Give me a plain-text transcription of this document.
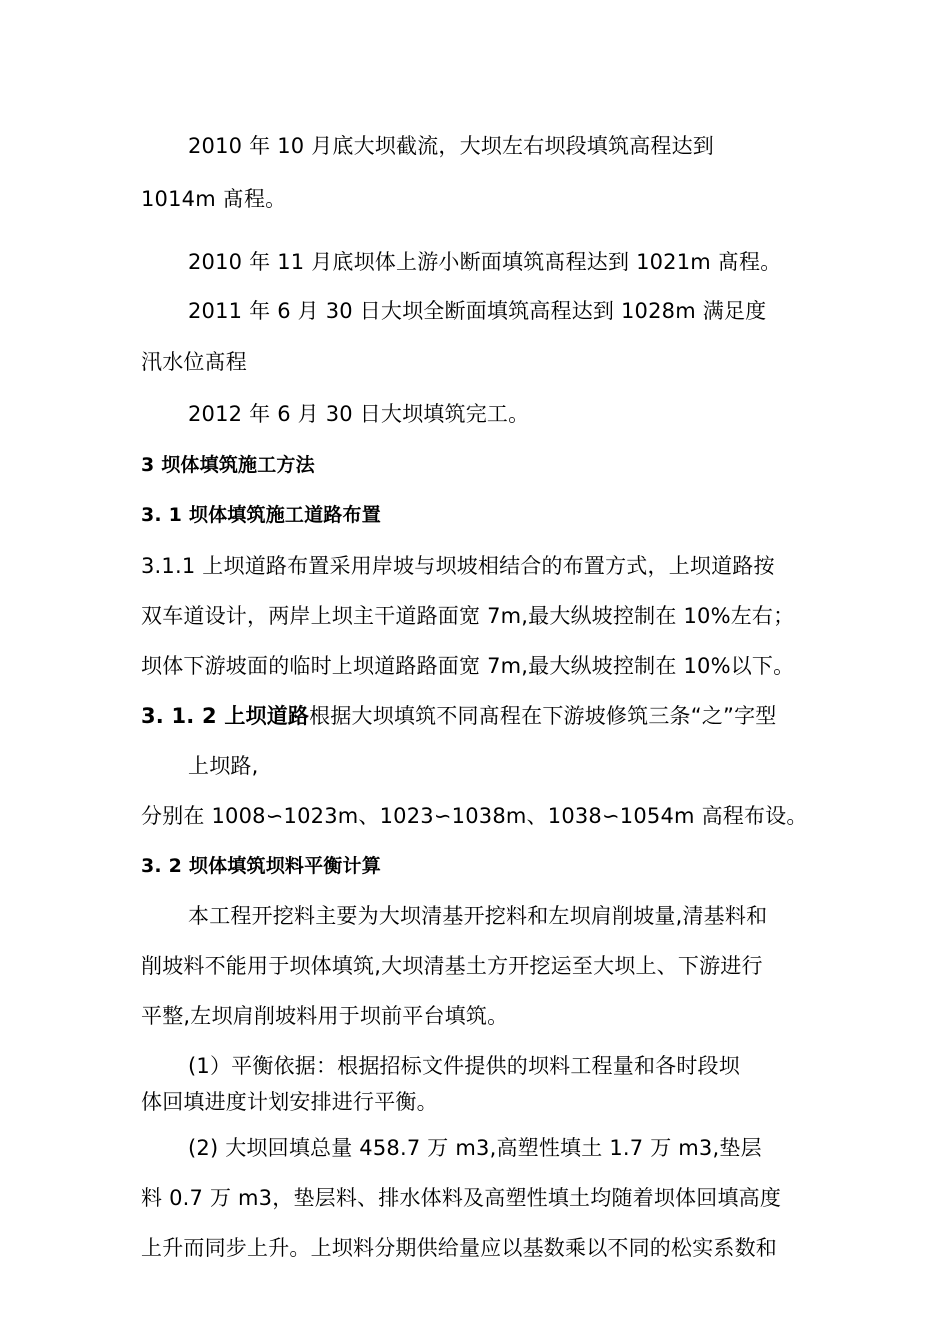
2010 年 10 月底大坝截流，大坝左右坝段填筑高程达到
1014m 髙程。
2010 年 11 月底坝体上游小断面填筑髙程达到 1021m 髙程。
2011 年 6 月 30 日大坝全断面填筑高程达到 1028m 满足度
汛水位髙程
2012 年 6 月 30 日大坝填筑完工。
3 坝体填筑施工方法
3. 1 坝体填筑施工道路布置
3.1.1 上坝道路布置采用岸坡与坝坡相结合的布置方式，上坝道路按
双车道设计，两岸上坝主干道路面宽 7m,最大纵坡控制在 10%左右；
坝体下游坡面的临时上坝道路路面宽 7m,最大纵坡控制在 10%以下。
3. 1. 2 上坝道路根据大坝填筑不同髙程在下游坡修筑三条“之”字型
上坝路,
分别在 1008∽1023m、1023∽1038m、1038∽1054m 高程布设。
3. 2 坝体填筑坝料平衡计算
本工程开挖料主要为大坝清基开挖料和左坝肩削坡量,清基料和
削坡料不能用于坝体填筑,大坝清基土方开挖运至大坝上、下游进行
平整,左坝肩削坡料用于坝前平台填筑。
(1）平衡依据：根据招标文件提供的坝料工程量和各时段坝
体回填进度计划安排进行平衡。
(2) 大坝回填总量 458.7 万 m3,高塑性填土 1.7 万 m3,垫层
料 0.7 万 m3，垫层料、排水体料及高塑性填土均随着坝体回填高度
上升而同步上升。上坝料分期供给量应以基数乘以不同的松实系数和
